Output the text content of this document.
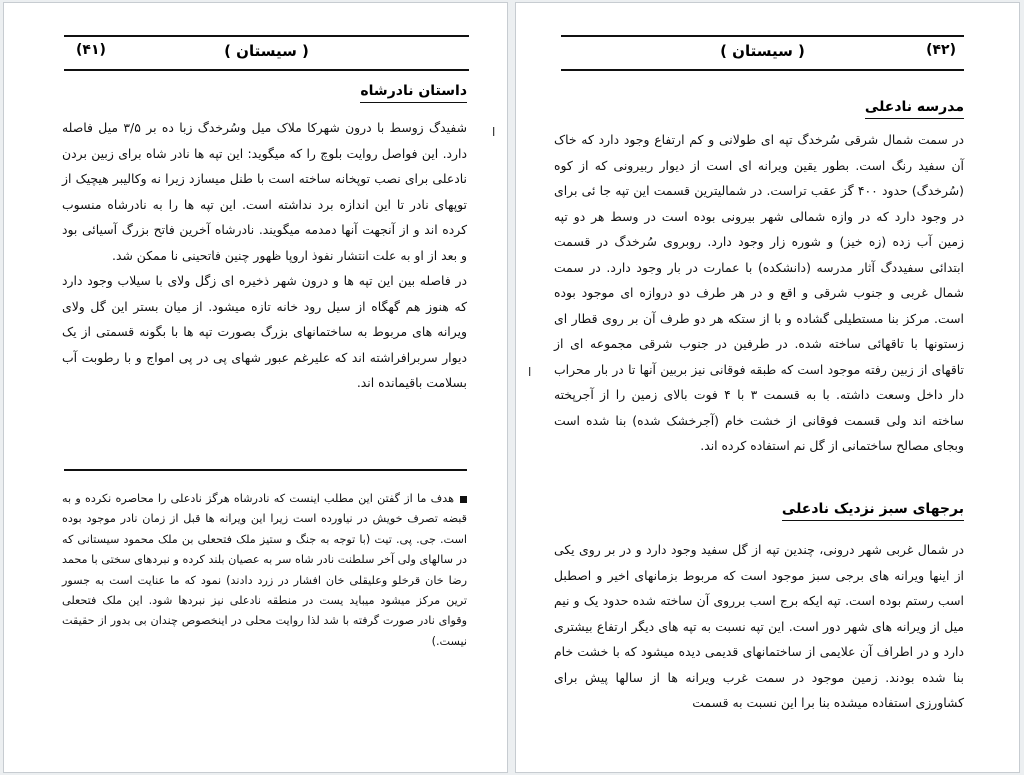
( سيستان )
(۴۱)
داستان نادرشاه
ا

شفیدگ زوسط با درون شهرکا ملاک میل وسُرخدگ زبا ده بر ۳/۵ میل فاصله دارد. این فواصل روایت بلوچ را که میگوید: این تپه ها نادر شاه برای زبین بردن نادعلی برای نصب توپخانه ساخته است با طنل میسازد زیرا نه وکالیبر هیچیک از توپهای نادر تا این اندازه برد نداشته است. این تپه ها را به نادرشاه منسوب کرده اند و از آنجهت آنها دمدمه میگویند. نادرشاه آخرین فاتح بزرگ آسیائی بود و بعد از او به علت انتشار نفوذ اروپا ظهور چنین فاتحینی نا ممکن شد.

در فاصله بین این تپه ها و درون شهر ذخیره ای زگل ولای با سیلاب وجود دارد که هنوز هم گهگاه از سیل رود خانه تازه میشود. از میان بستر این گل ولای ویرانه های مربوط به ساختمانهای بزرگ بصورت تپه ها با بگونه قسمتی از یک دیوار سربرافراشته اند که علیرغم عبور شهای پی در پی امواج و با رطوبت آب بسلامت باقیمانده اند.

هدف ما از گفتن این مطلب اینست که نادرشاه هرگز نادعلی را محاصره نکرده و به قبضه تصرف خویش در نیاورده است زیرا این ویرانه ها قبل از زمان نادر موجود بوده است. جی. پی. تیت (با توجه به جنگ و ستیز ملک فتحعلی بن ملک محمود سیستانی که در سالهای ولی آخر سلطنت نادر شاه سر به عصیان بلند کرده و نبردهای سختی با محمد رضا خان قرخلو وعلیقلی خان افشار در زرد دادند) نمود که ما عنایت است به جسور ترین مرکز میشود میباید یست در منطقه نادعلی نیز نبردها شود. این ملک فتحعلی وقوای نادر صورت گرفته با شد لذا روایت محلی در اینخصوص چندان بی بدور از حقیقت نیست.)
( سيستان )	(۴۲)
مدرسه نادعلی
ا

در سمت شمال شرقی سُرخدگ تپه ای طولانی و کم ارتفاع وجود دارد که خاک آن سفید رنگ است. بطور یقین ویرانه ای است از دیوار ربیرونی که از کوه (سُرخدگ) حدود ۴۰۰ گز عقب تراست. در شمالیترین قسمت این تپه جا ئی برای در وجود دارد که در وازه شمالی شهر بیرونی بوده است در وسط هر دو تپه زمین آب زده (زه خیز) و شوره زار وجود دارد. روبروی سُرخدگ در قسمت ابتدائی سفیددگ آثار مدرسه (دانشکده) با عمارت در بار وجود دارد. در سمت شمال غربی و جنوب شرقی و اقع و در هر طرف دو دروازه ای موجود بوده است. مرکز بنا مستطیلی گشاده و با از ستکه هر دو طرف آن بر روی قطار ای زستونها با تاقهائی ساخته شده. در طرفین در جنوب شرقی مجموعه ای از تاقهای از زبین رفته موجود است که طبقه فوقانی نیز بربین آنها تا در بار محراب دار داخل وسعت داشته. با به قسمت ۳ با ۴ فوت بالای زمین را از آجرپخته ساخته اند ولی قسمت فوقانی از خشت خام (آجرخشک شده) بنا شده است وبجای مصالح ساختمانی از گل نم استفاده کرده اند.

برجهای سبز نزدیک نادعلی

در شمال غربی شهر درونی، چندین تپه از گل سفید وجود دارد و در بر روی یکی از اینها ویرانه های برجی سبز موجود است که مربوط بزمانهای اخیر و اصطبل اسب رستم بوده است. تپه ایکه برج اسب برروی آن ساخته شده حدود یک و نیم میل از ویرانه های شهر دور است. این تپه نسبت به تپه های دیگر ارتفاع بیشتری دارد و در اطراف آن علایمی از ساختمانهای قدیمی دیده میشود که با خشت خام بنا شده بودند. زمین موجود در سمت غرب ویرانه ها از سالها پیش برای کشاورزی استفاده میشده بنا برا این نسبت به قسمت
